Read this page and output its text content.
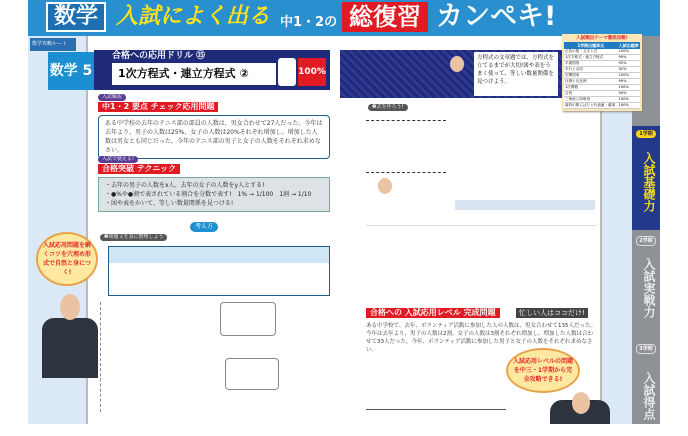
数学 入試によく出る 中1・2の 総復習 カンペキ!
数学攻略ルート
数学 5
合格への応用ドリル ⑮
1次方程式・連立方程式 ②	100%
入試解説
中1・2 要点 チェック応用問題
ある中学校の去年のテニス部の部員の人数は、男女合わせて27人だった。今年は去年より、男子の人数は25%、女子の人数は20%それぞれ増加し、増加した人数は男女とも同じだった。今年のテニス部の男子と女子の人数をそれぞれ求めなさい。
入試で使える!
合格突破 テクニック
・去年の男子の人数をx人、去年の女子の人数をy人とする!
・●%や●割で表されている割合を分数で表す!　1% → 1/100　1割 → 1/10
・図や表をかいて、等しい数量関係を見つける!
考え方
❶問題文を表に整理しよう
入試応用問題を解くコツを穴埋め形式で自然と身につく!
方程式の文章題では、方程式を立てるまでが大切!図や表をうまく使って、等しい数量関係を見つけよう。
❸式を作ろう!
合格への 入試応用レベル 完成問題	忙しい人はココだけ!
ある中学校で、去年、ボランティア活動に参加した人の人数は、男女合わせて135人だった。今年は去年より、男子の人数は2割、女子の人数は3割それぞれ増加し、増加した人数は合わせて33人だった。今年、ボランティア活動に参加した男子と女子の人数をそれぞれ求めなさい。
入試応用レベルの問題を中三・1学期から完全攻略できる!
入試頻出テーマ徹底攻略!
1学期出題単元	入試出題率
正負の数・文字と式	100%
1次方程式・連立方程式	99%
平面図形	92%
平行と合同	92%
空間図形	100%
比例と反比例	99%
1次関数	100%
合同	94%
三角形と四角形	100%
資料の散らばりと代表値・確率	100%
1学期
入試基礎力
2学期
入試実戦力
3学期
入試得点
